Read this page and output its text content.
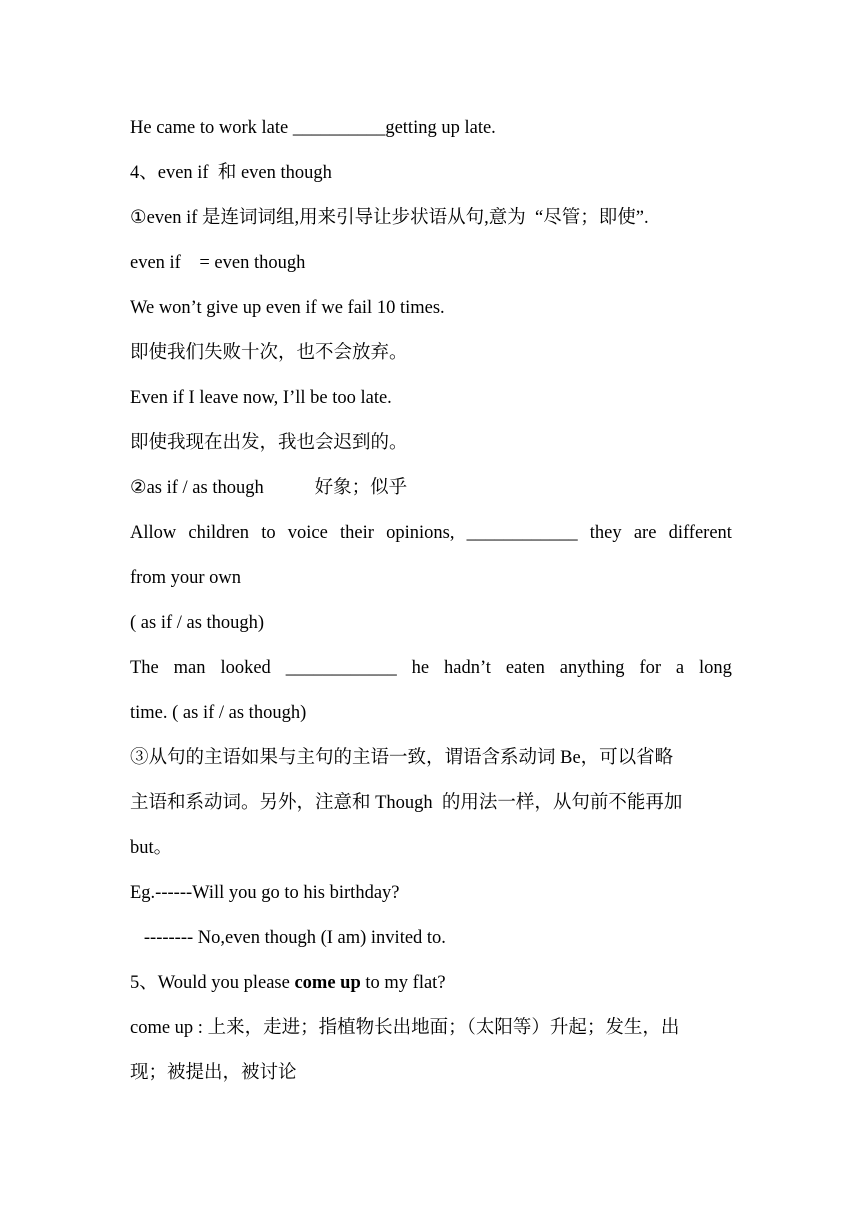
He came to work late __________getting up late.

4、even if  和 even though

①even if 是连词词组,用来引导让步状语从句,意为  “尽管；即使”.

even if    = even though

We won’t give up even if we fail 10 times.

即使我们失败十次，也不会放弃。

Even if I leave now, I’ll be too late.

即使我现在出发，我也会迟到的。

②as if / as though           好象；似乎

Allow children to voice their opinions, ____________ they are different

from your own

( as if / as though)

The man looked ____________ he hadn’t eaten anything for a long

time. ( as if / as though)

③从句的主语如果与主句的主语一致，谓语含系动词 Be，可以省略

主语和系动词。另外，注意和 Though  的用法一样，从句前不能再加

but。

Eg.------Will you go to his birthday?

-------- No,even though (I am) invited to.

5、Would you please come up to my flat?

come up : 上来，走进；指植物长出地面；（太阳等）升起；发生，出

现；被提出，被讨论
